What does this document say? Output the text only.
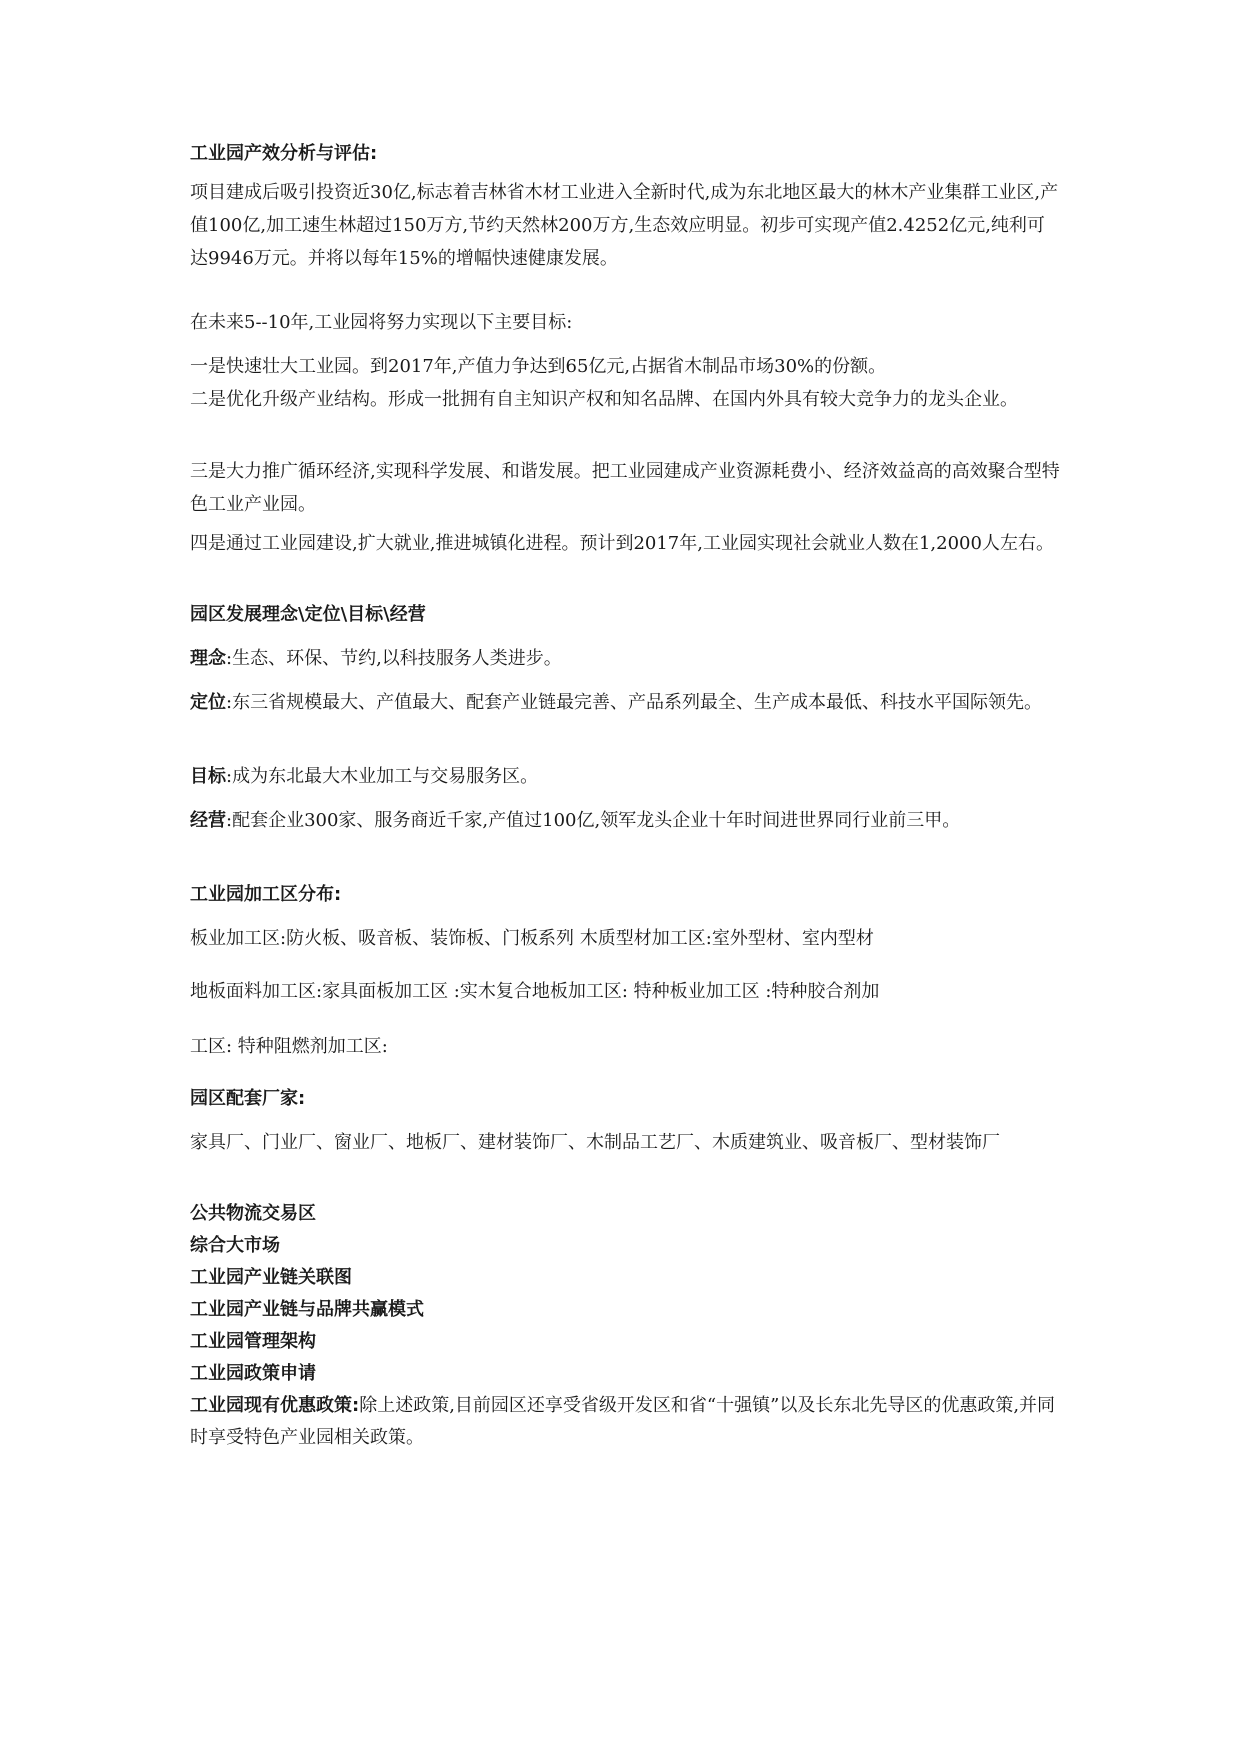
工业园产效分析与评估:

项目建成后吸引投资近30亿,标志着吉林省木材工业进入全新时代,成为东北地区最大的林木产业集群工业区,产值100亿,加工速生林超过150万方,节约天然林200万方,生态效应明显。初步可实现产值2.4252亿元,纯利可达9946万元。并将以每年15%的增幅快速健康发展。

在未来5--10年,工业园将努力实现以下主要目标:

一是快速壮大工业园。到2017年,产值力争达到65亿元,占据省木制品市场30%的份额。

二是优化升级产业结构。形成一批拥有自主知识产权和知名品牌、在国内外具有较大竞争力的龙头企业。

三是大力推广循环经济,实现科学发展、和谐发展。把工业园建成产业资源耗费小、经济效益高的高效聚合型特色工业产业园。

四是通过工业园建设,扩大就业,推进城镇化进程。预计到2017年,工业园实现社会就业人数在1,2000人左右。

园区发展理念\定位\目标\经营

理念:生态、环保、节约,以科技服务人类进步。

定位:东三省规模最大、产值最大、配套产业链最完善、产品系列最全、生产成本最低、科技水平国际领先。

目标:成为东北最大木业加工与交易服务区。

经营:配套企业300家、服务商近千家,产值过100亿,领军龙头企业十年时间进世界同行业前三甲。

工业园加工区分布:

板业加工区:防火板、吸音板、装饰板、门板系列 木质型材加工区:室外型材、室内型材

地板面料加工区:家具面板加工区 :实木复合地板加工区: 特种板业加工区 :特种胶合剂加

工区: 特种阻燃剂加工区:

园区配套厂家:

家具厂、门业厂、窗业厂、地板厂、建材装饰厂、木制品工艺厂、木质建筑业、吸音板厂、型材装饰厂

公共物流交易区
综合大市场
工业园产业链关联图
工业园产业链与品牌共赢模式
工业园管理架构
工业园政策申请

工业园现有优惠政策:除上述政策,目前园区还享受省级开发区和省“十强镇”以及长东北先导区的优惠政策,并同时享受特色产业园相关政策。
